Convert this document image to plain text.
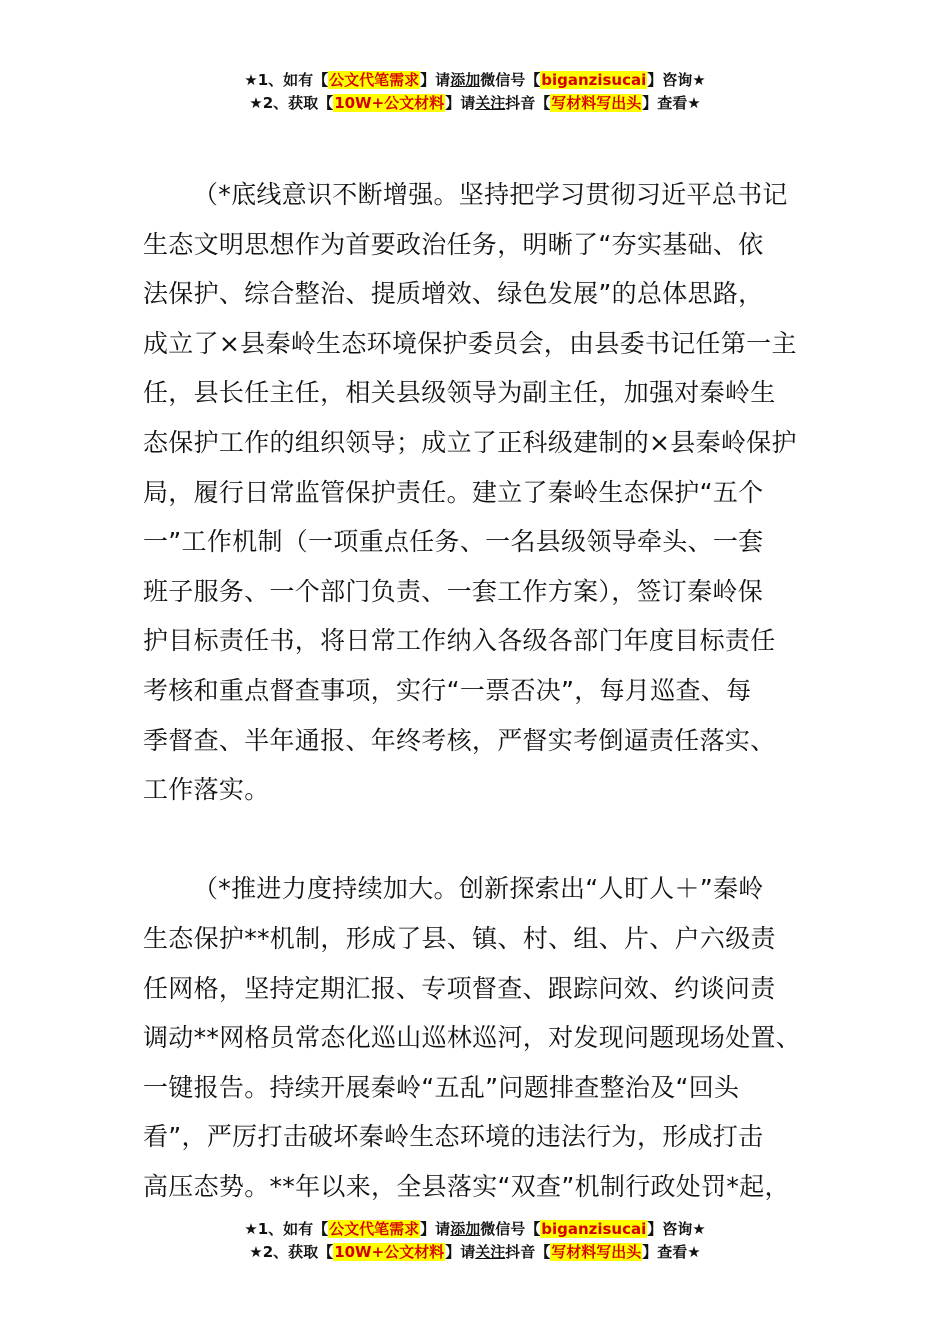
★1、如有【公文代笔需求】请添加微信号【biganzisucai】咨询★
★2、获取【10W+公文材料】请关注抖音【写材料写出头】查看★

（*底线意识不断增强。坚持把学习贯彻习近平总书记
生态文明思想作为首要政治任务，明晰了“夯实基础、依
法保护、综合整治、提质增效、绿色发展”的总体思路，
成立了×县秦岭生态环境保护委员会，由县委书记任第一主
任，县长任主任，相关县级领导为副主任，加强对秦岭生
态保护工作的组织领导；成立了正科级建制的×县秦岭保护
局，履行日常监管保护责任。建立了秦岭生态保护“五个
一”工作机制（一项重点任务、一名县级领导牵头、一套
班子服务、一个部门负责、一套工作方案），签订秦岭保
护目标责任书，将日常工作纳入各级各部门年度目标责任
考核和重点督查事项，实行“一票否决”，每月巡查、每
季督查、半年通报、年终考核，严督实考倒逼责任落实、
工作落实。

（*推进力度持续加大。创新探索出“人盯人＋”秦岭
生态保护**机制，形成了县、镇、村、组、片、户六级责
任网格，坚持定期汇报、专项督查、跟踪问效、约谈问责
调动**网格员常态化巡山巡林巡河，对发现问题现场处置、
一键报告。持续开展秦岭“五乱”问题排查整治及“回头
看”，严厉打击破坏秦岭生态环境的违法行为，形成打击
高压态势。**年以来，全县落实“双查”机制行政处罚*起，

★1、如有【公文代笔需求】请添加微信号【biganzisucai】咨询★
★2、获取【10W+公文材料】请关注抖音【写材料写出头】查看★
